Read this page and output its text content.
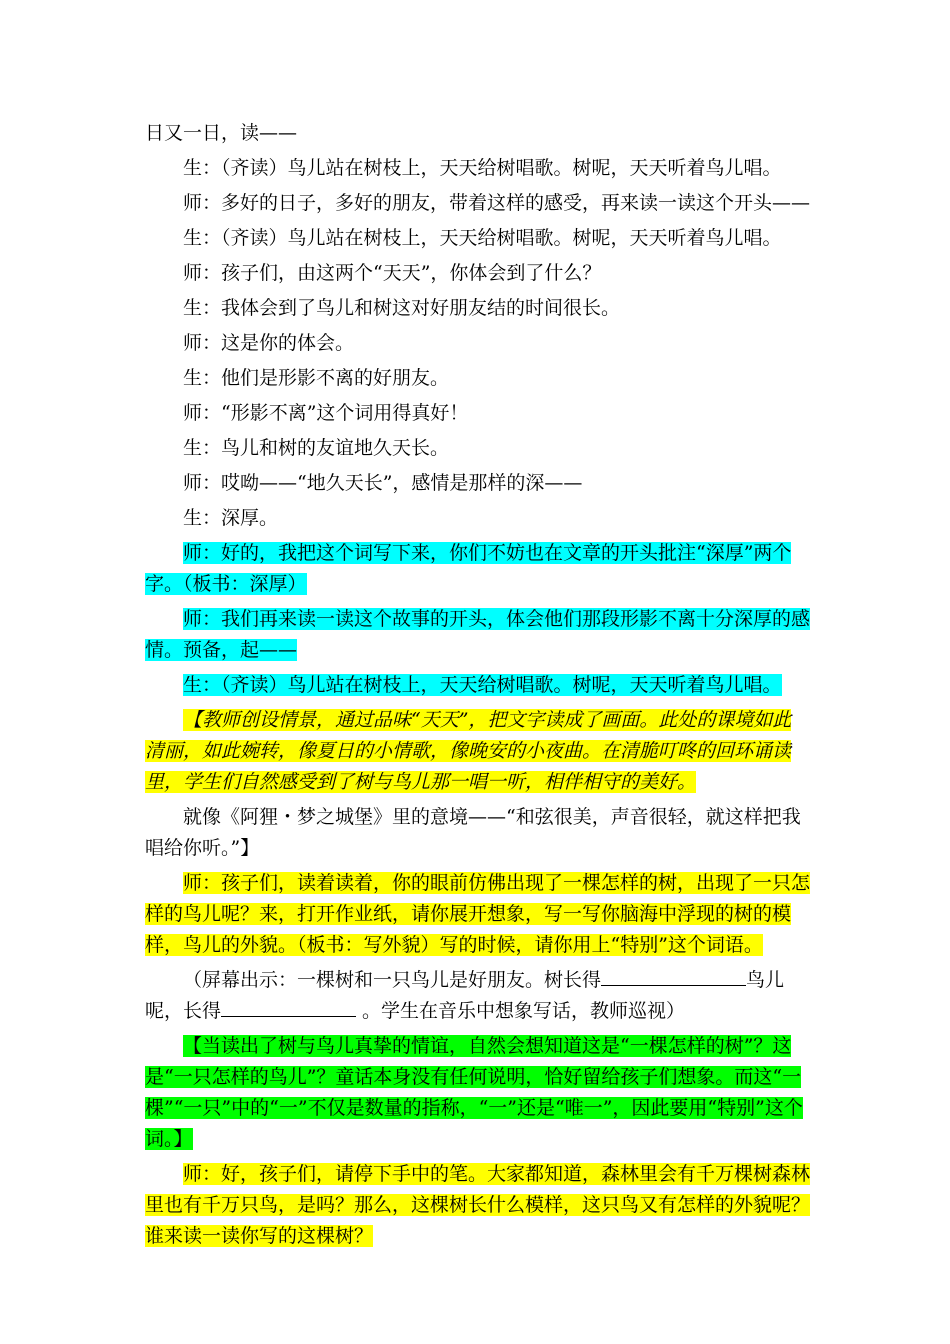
日又一日，读——

生：（齐读）鸟儿站在树枝上，天天给树唱歌。树呢，天天听着鸟儿唱。

师：多好的日子，多好的朋友，带着这样的感受，再来读一读这个开头——

生：（齐读）鸟儿站在树枝上，天天给树唱歌。树呢，天天听着鸟儿唱。

师：孩子们，由这两个“天天”，你体会到了什么？

生：我体会到了鸟儿和树这对好朋友结的时间很长。

师：这是你的体会。

生：他们是形影不离的好朋友。

师：“形影不离”这个词用得真好！

生：鸟儿和树的友谊地久天长。

师：哎呦——“地久天长”，感情是那样的深——

生：深厚。

师：好的，我把这个词写下来，你们不妨也在文章的开头批注“深厚”两个字。（板书：深厚）

师：我们再来读一读这个故事的开头，体会他们那段形影不离十分深厚的感情。预备，起——

生：（齐读）鸟儿站在树枝上，天天给树唱歌。树呢，天天听着鸟儿唱。

【教师创设情景，通过品味“天天”，把文字读成了画面。此处的课境如此清丽，如此婉转，像夏日的小情歌，像晚安的小夜曲。在清脆叮咚的回环诵读里，学生们自然感受到了树与鸟儿那一唱一听，相伴相守的美好。

就像《阿狸・梦之城堡》里的意境——“和弦很美，声音很轻，就这样把我唱给你听。”】

师：孩子们，读着读着，你的眼前仿佛出现了一棵怎样的树，出现了一只怎样的鸟儿呢？来，打开作业纸，请你展开想象，写一写你脑海中浮现的树的模样，鸟儿的外貌。（板书：写外貌）写的时候，请你用上“特别”这个词语。

（屏幕出示：一棵树和一只鸟儿是好朋友。树长得	鸟儿呢，长得	。学生在音乐中想象写话，教师巡视）

【当读出了树与鸟儿真挚的情谊，自然会想知道这是“一棵怎样的树”？这是“一只怎样的鸟儿”？童话本身没有任何说明，恰好留给孩子们想象。而这“一棵”“一只”中的“一”不仅是数量的指称，“一”还是“唯一”，因此要用“特别”这个词。】

师：好，孩子们，请停下手中的笔。大家都知道，森林里会有千万棵树森林里也有千万只鸟，是吗？那么，这棵树长什么模样，这只鸟又有怎样的外貌呢？谁来读一读你写的这棵树？
